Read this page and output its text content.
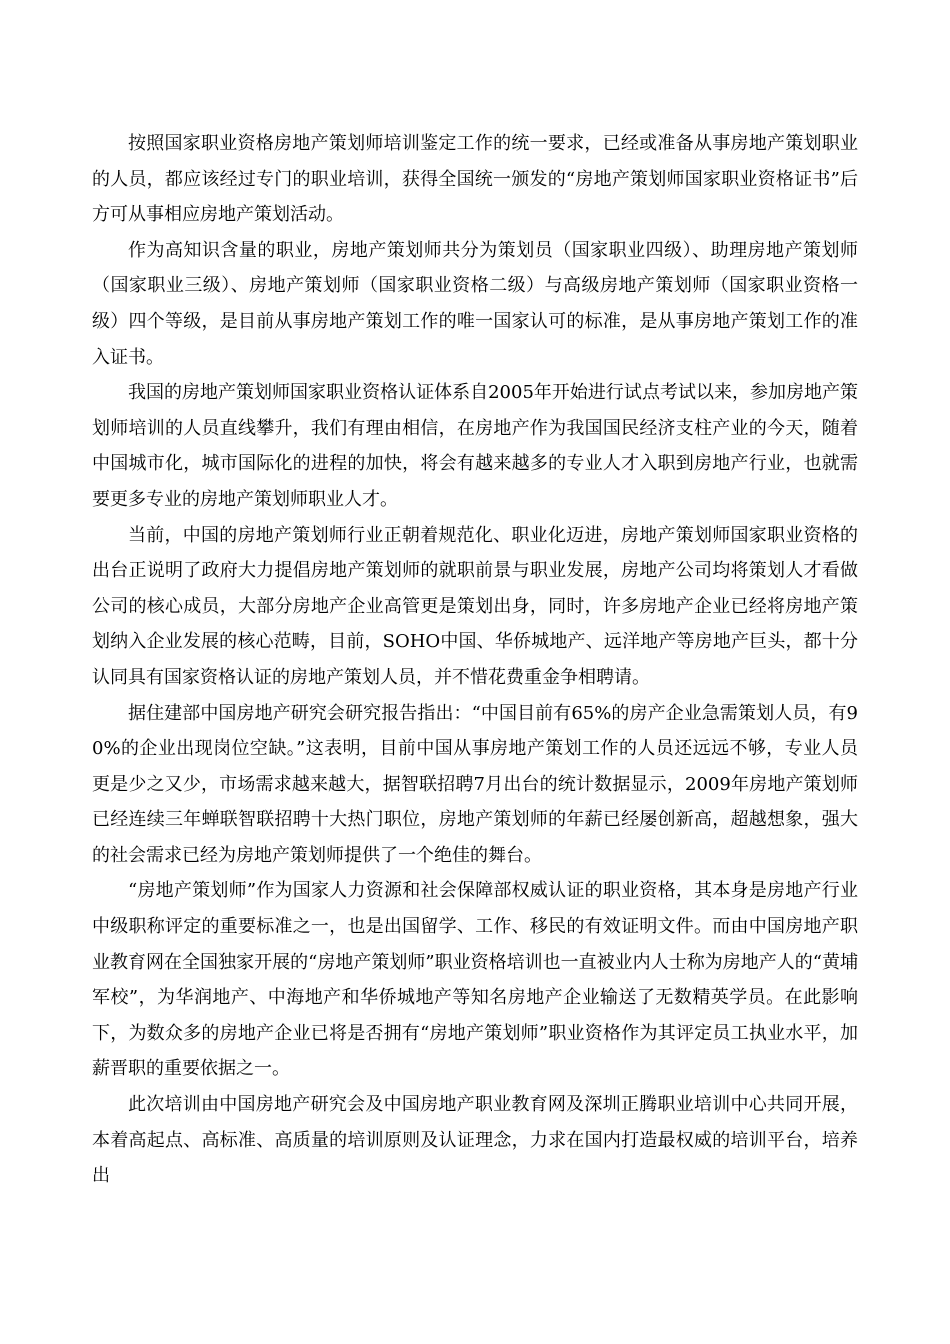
按照国家职业资格房地产策划师培训鉴定工作的统一要求，已经或准备从事房地产策划职业的人员，都应该经过专门的职业培训，获得全国统一颁发的“房地产策划师国家职业资格证书”后方可从事相应房地产策划活动。

作为高知识含量的职业，房地产策划师共分为策划员（国家职业四级）、助理房地产策划师（国家职业三级）、房地产策划师（国家职业资格二级）与高级房地产策划师（国家职业资格一级）四个等级，是目前从事房地产策划工作的唯一国家认可的标准，是从事房地产策划工作的准入证书。

我国的房地产策划师国家职业资格认证体系自2005年开始进行试点考试以来，参加房地产策划师培训的人员直线攀升，我们有理由相信，在房地产作为我国国民经济支柱产业的今天，随着中国城市化，城市国际化的进程的加快，将会有越来越多的专业人才入职到房地产行业，也就需要更多专业的房地产策划师职业人才。

当前，中国的房地产策划师行业正朝着规范化、职业化迈进，房地产策划师国家职业资格的出台正说明了政府大力提倡房地产策划师的就职前景与职业发展，房地产公司均将策划人才看做公司的核心成员，大部分房地产企业高管更是策划出身，同时，许多房地产企业已经将房地产策划纳入企业发展的核心范畴，目前，SOHO中国、华侨城地产、远洋地产等房地产巨头，都十分认同具有国家资格认证的房地产策划人员，并不惜花费重金争相聘请。

据住建部中国房地产研究会研究报告指出：“中国目前有65%的房产企业急需策划人员，有90%的企业出现岗位空缺。”这表明，目前中国从事房地产策划工作的人员还远远不够，专业人员更是少之又少，市场需求越来越大，据智联招聘7月出台的统计数据显示，2009年房地产策划师已经连续三年蝉联智联招聘十大热门职位，房地产策划师的年薪已经屡创新高，超越想象，强大的社会需求已经为房地产策划师提供了一个绝佳的舞台。

“房地产策划师”作为国家人力资源和社会保障部权威认证的职业资格，其本身是房地产行业中级职称评定的重要标准之一，也是出国留学、工作、移民的有效证明文件。而由中国房地产职业教育网在全国独家开展的“房地产策划师”职业资格培训也一直被业内人士称为房地产人的“黄埔军校”，为华润地产、中海地产和华侨城地产等知名房地产企业输送了无数精英学员。在此影响下，为数众多的房地产企业已将是否拥有“房地产策划师”职业资格作为其评定员工执业水平，加薪晋职的重要依据之一。

此次培训由中国房地产研究会及中国房地产职业教育网及深圳正腾职业培训中心共同开展，本着高起点、高标准、高质量的培训原则及认证理念，力求在国内打造最权威的培训平台，培养出
